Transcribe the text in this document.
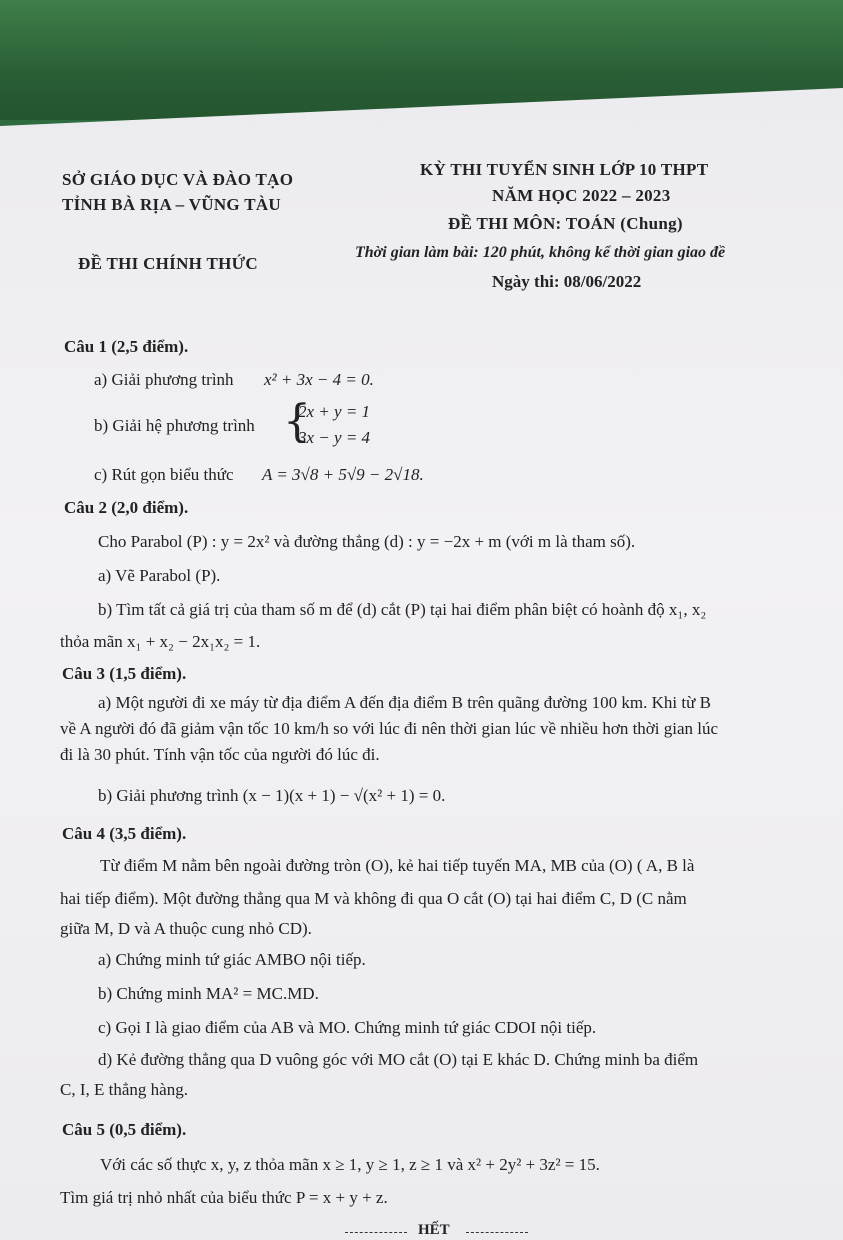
SỞ GIÁO DỤC VÀ ĐÀO TẠO
TỈNH BÀ RỊA – VŨNG TÀU
KỲ THI TUYỂN SINH LỚP 10 THPT
NĂM HỌC 2022 – 2023
ĐỀ THI MÔN: TOÁN (Chung)
ĐỀ THI CHÍNH THỨC
Thời gian làm bài: 120 phút, không kể thời gian giao đề
Ngày thi: 08/06/2022
Câu 1 (2,5 điểm).
a) Giải phương trình x² + 3x − 4 = 0.
b) Giải hệ phương trình {
2x + y = 1
3x − y = 4
c) Rút gọn biểu thức A = 3√8 + 5√9 − 2√18.
Câu 2 (2,0 điểm).
Cho Parabol (P) : y = 2x² và đường thẳng (d) : y = −2x + m (với m là tham số).
a) Vẽ Parabol (P).
b) Tìm tất cả giá trị của tham số m để (d) cắt (P) tại hai điểm phân biệt có hoành độ x₁, x₂
thỏa mãn x₁ + x₂ − 2x₁x₂ = 1.
Câu 3 (1,5 điểm).
a) Một người đi xe máy từ địa điểm A đến địa điểm B trên quãng đường 100 km. Khi từ B
về A người đó đã giảm vận tốc 10 km/h so với lúc đi nên thời gian lúc về nhiều hơn thời gian lúc
đi là 30 phút. Tính vận tốc của người đó lúc đi.
b) Giải phương trình (x − 1)(x + 1) − √(x² + 1) = 0.
Câu 4 (3,5 điểm).
Từ điểm M nằm bên ngoài đường tròn (O), kẻ hai tiếp tuyến MA, MB của (O) ( A, B là
hai tiếp điểm). Một đường thẳng qua M và không đi qua O cắt (O) tại hai điểm C, D (C nằm
giữa M, D và A thuộc cung nhỏ CD).
a) Chứng minh tứ giác AMBO nội tiếp.
b) Chứng minh MA² = MC.MD.
c) Gọi I là giao điểm của AB và MO. Chứng minh tứ giác CDOI nội tiếp.
d) Kẻ đường thẳng qua D vuông góc với MO cắt (O) tại E khác D. Chứng minh ba điểm
C, I, E thẳng hàng.
Câu 5 (0,5 điểm).
Với các số thực x, y, z thỏa mãn x ≥ 1, y ≥ 1, z ≥ 1 và x² + 2y² + 3z² = 15.
Tìm giá trị nhỏ nhất của biểu thức P = x + y + z.
HẾT
